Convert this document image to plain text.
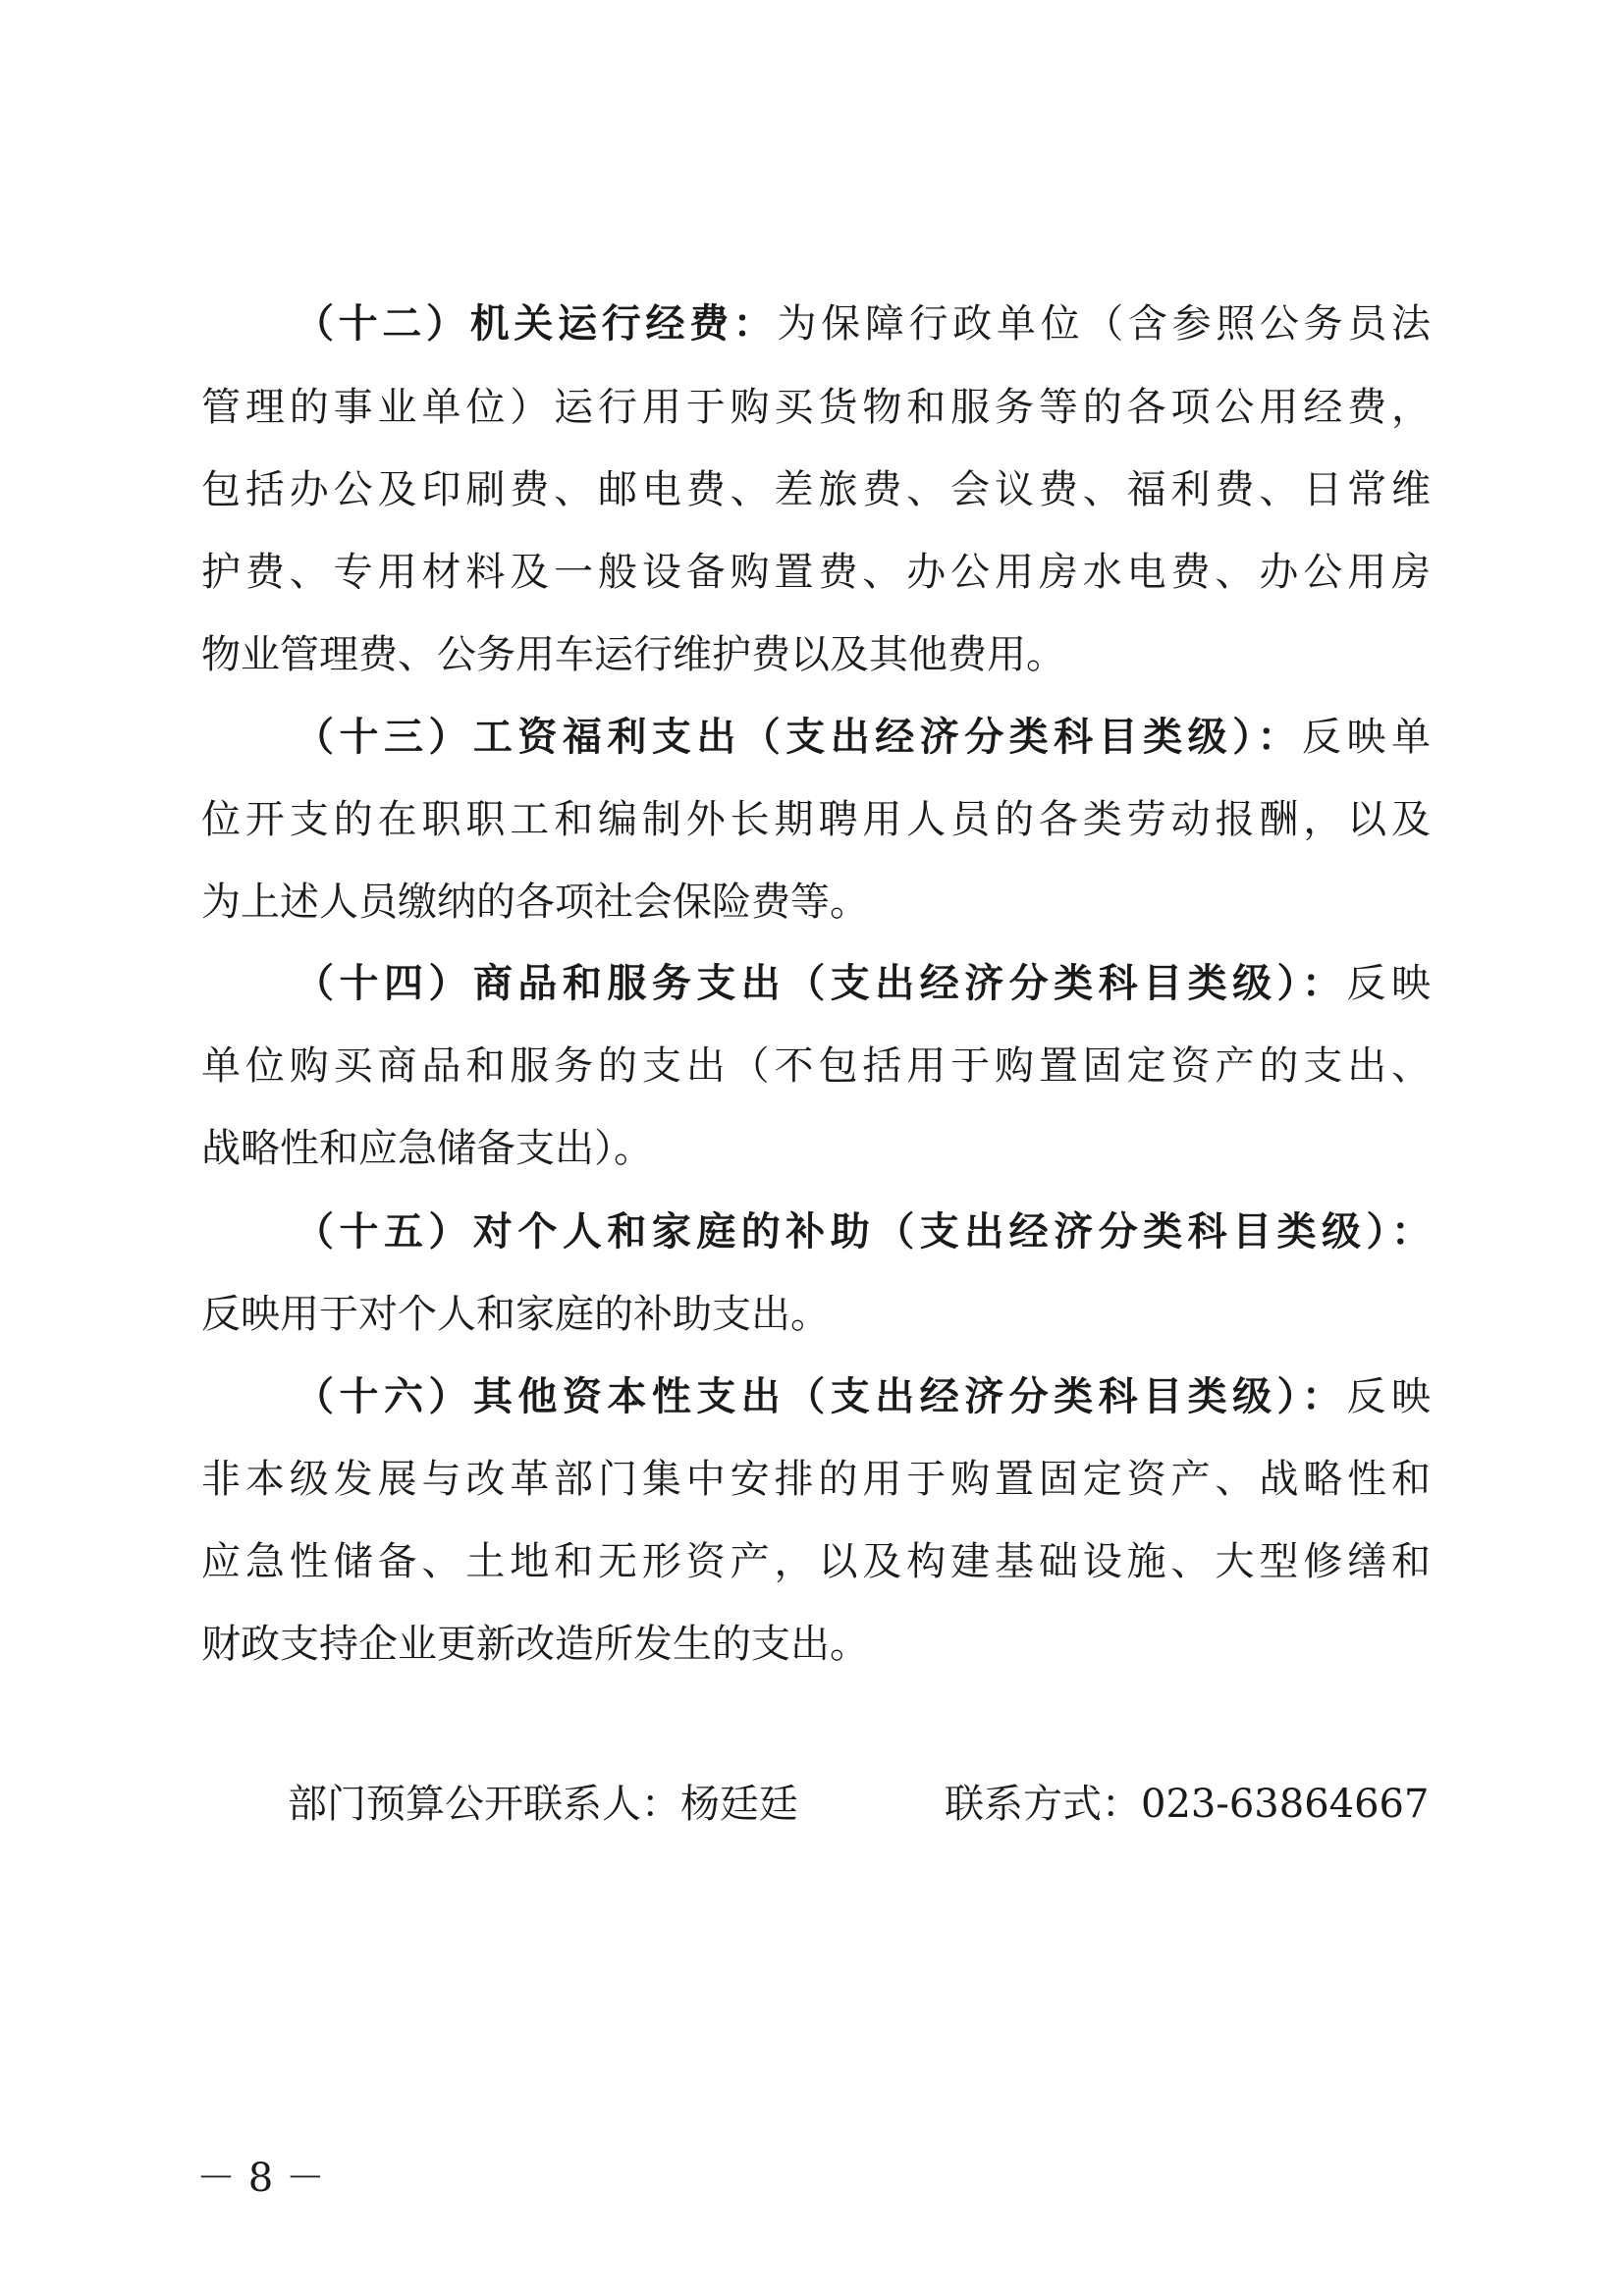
（十二）机关运行经费：为保障行政单位（含参照公务员法
管理的事业单位）运行用于购买货物和服务等的各项公用经费，
包括办公及印刷费、邮电费、差旅费、会议费、福利费、日常维
护费、专用材料及一般设备购置费、办公用房水电费、办公用房
物业管理费、公务用车运行维护费以及其他费用。
（十三）工资福利支出（支出经济分类科目类级）：反映单
位开支的在职职工和编制外长期聘用人员的各类劳动报酬，以及
为上述人员缴纳的各项社会保险费等。
（十四）商品和服务支出（支出经济分类科目类级）：反映
单位购买商品和服务的支出（不包括用于购置固定资产的支出、
战略性和应急储备支出）。
（十五）对个人和家庭的补助（支出经济分类科目类级）：
反映用于对个人和家庭的补助支出。
（十六）其他资本性支出（支出经济分类科目类级）：反映
非本级发展与改革部门集中安排的用于购置固定资产、战略性和
应急性储备、土地和无形资产，以及构建基础设施、大型修缮和
财政支持企业更新改造所发生的支出。
部门预算公开联系人：杨廷廷	联系方式：023-63864667
－ 8 －
